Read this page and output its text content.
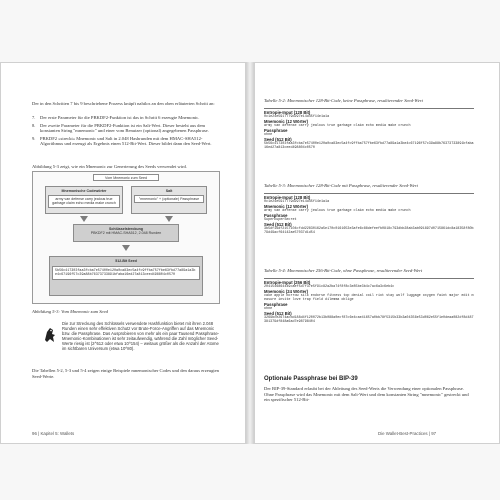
Der in den Schritten 7 bis 9 beschriebene Prozess knüpft nahtlos an den oben erläuterten Schritt an:
7. Der erste Parameter für die PBKDF2-Funktion ist das in Schritt 6 erzeugte Mnemonic.
8. Der zweite Parameter für die PBKDF2-Funktion ist ein Salt-Wert. Dieser besteht aus dem konstanten String "mnemonic" und einer vom Benutzer (optional) angegebenen Passphrase.
9. PBKDF2 »streckt« Mnemonic und Salt in 2.048 Hashrunden mit dem HMAC-SHA512-Algorithmus und erzeugt als Ergebnis einen 512-Bit-Wert. Dieser bildet dann den Seed-Wert.
Abbildung 5-3 zeigt, wie ein Mnemonic zur Generierung des Seeds verwendet wird.
Vom Mnemonic zum Seed
Mnemonische Codewörter
army van defense carry jealous true garbage claim echo media make crunch
Salt
"mnemonic" + (optionale) Passphrase
Schlüsselstreckung
PBKDF2 mit HMAC-SHA512, 2.048 Runden
512-Bit Seed
5b56c417303faa3fcba7e57400e120a0ca83ec5a4fc9ffba757fbe63fbd77a89a1a3be4c67196f57c39a88b76373733891bfaba16ed27a813ceed498804c0570
Abbildung 5-3: Vom Mnemonic zum Seed
Die zur Streckung des Schlüssels verwendete Hashfunktion bietet mit ihren 2.048 Runden einen sehr effektiven Schutz vor Brute-Force-Angriffen auf das Mnemonic bzw. die Passphrase. Das Ausprobieren von mehr als ein paar Tausend Passphrase-Mnemonic-Kombinationen ist sehr zeitaufwendig, während die Zahl möglicher Seed-Werte riesig ist (2^512 oder etwa 10^154) – weitaus größer als die Anzahl der Atome im sichtbaren Universum (etwa 10^80).
Die Tabellen 5-2, 5-3 und 5-4 zeigen einige Beispiele mnemonischer Codes und den daraus erzeugten Seed-Werte.
96 | Kapitel 5: Wallets
Tabelle 5-2: Mnemonischer 128-Bit-Code, keine Passphrase, resultierender Seed-Wert
Entropie-Input (128 Bit)
0c1e24e5917779d297e14d45f14e1a1a
Mnemonic (12 Wörter)
army van defense carry jealous true garbage claim echo media make crunch
Passphrase
ohne
Seed (512 Bit)
5b56c417303faa3fcba7e57400e120a0ca83ec5a4fc9ffba757fbe63fbd77a89a1a3be4c67196f57c39a88b76373733891bfaba16ed27a813ceed498804c0570
Tabelle 5-3: Mnemonischer 128-Bit-Code mit Passphrase, resultierender Seed-Wert
Entropie-Input (128 Bit)
0c1e24e5917779d297e14d45f14e1a1a
Mnemonic (12 Wörter)
army van defense carry jealous true garbage claim echo media make crunch
Passphrase
SuperDuperSecret
Seed (512 Bit)
3b5df16df2157104cfdd22830162a5e170c0161653e3afe6c88defeefb0818c793dbb28ab3ab091897d0715861dc8a18358f80b79d49acf64142ae57037d1d54
Tabelle 5-4: Mnemonischer 256-Bit-Code, ohne Passphrase, resultierender Seed-Wert
Entropie-Input (256 Bit)
2041546864449caef5d7f37e5f91c82a2ba74f8f8c3e85be3b4c7ac6a3c6eb4c
Mnemonic (24 Wörter)
cake apple borrow silk endorse fitness top denial coil riot stay wolf luggage oxygen faint major edit measure invite love trap field dilemma oblige
Passphrase
ohne
Seed (512 Bit)
3269bce2674acbd188d4f120072b13b088a0ecf87c6e4cae41657a0bb78f5315b33b3a04356e53d062e55f1e0deaa082df8d487381379df848a6ad7e98798404
Optionale Passphrase bei BIP-39
Der BIP-39-Standard erlaubt bei der Ableitung des Seed-Werts die Verwendung einer optionalen Passphrase. Ohne Passphrase wird das Mnemonic mit dem Salt-Wert und dem konstanten String "mnemonic" gestreckt und ein spezifischer 512-Bit-
Die Wallet-Best-Practices | 97
